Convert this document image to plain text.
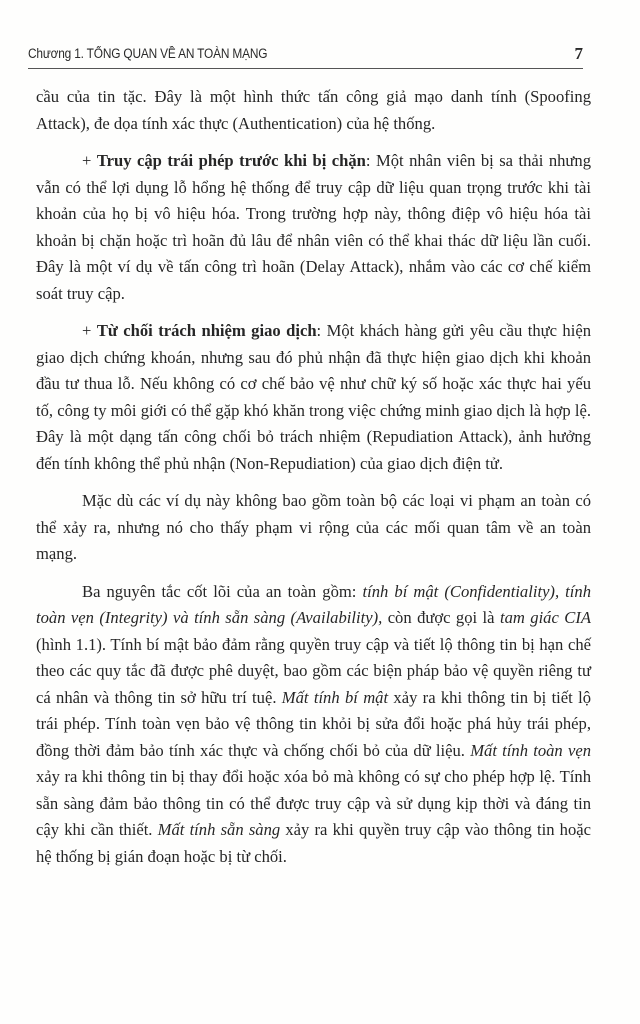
Chương 1. TỔNG QUAN VỀ AN TOÀN MẠNG	7

cầu của tin tặc. Đây là một hình thức tấn công giả mạo danh tính (Spoofing Attack), đe dọa tính xác thực (Authentication) của hệ thống.

+ Truy cập trái phép trước khi bị chặn: Một nhân viên bị sa thải nhưng vẫn có thể lợi dụng lỗ hổng hệ thống để truy cập dữ liệu quan trọng trước khi tài khoản của họ bị vô hiệu hóa. Trong trường hợp này, thông điệp vô hiệu hóa tài khoản bị chặn hoặc trì hoãn đủ lâu để nhân viên có thể khai thác dữ liệu lần cuối. Đây là một ví dụ về tấn công trì hoãn (Delay Attack), nhắm vào các cơ chế kiểm soát truy cập.

+ Từ chối trách nhiệm giao dịch: Một khách hàng gửi yêu cầu thực hiện giao dịch chứng khoán, nhưng sau đó phủ nhận đã thực hiện giao dịch khi khoản đầu tư thua lỗ. Nếu không có cơ chế bảo vệ như chữ ký số hoặc xác thực hai yếu tố, công ty môi giới có thể gặp khó khăn trong việc chứng minh giao dịch là hợp lệ. Đây là một dạng tấn công chối bỏ trách nhiệm (Repudiation Attack), ảnh hưởng đến tính không thể phủ nhận (Non-Repudiation) của giao dịch điện tử.

Mặc dù các ví dụ này không bao gồm toàn bộ các loại vi phạm an toàn có thể xảy ra, nhưng nó cho thấy phạm vi rộng của các mối quan tâm về an toàn mạng.

Ba nguyên tắc cốt lõi của an toàn gồm: tính bí mật (Confidentiality), tính toàn vẹn (Integrity) và tính sẵn sàng (Availability), còn được gọi là tam giác CIA (hình 1.1). Tính bí mật bảo đảm rằng quyền truy cập và tiết lộ thông tin bị hạn chế theo các quy tắc đã được phê duyệt, bao gồm các biện pháp bảo vệ quyền riêng tư cá nhân và thông tin sở hữu trí tuệ. Mất tính bí mật xảy ra khi thông tin bị tiết lộ trái phép. Tính toàn vẹn bảo vệ thông tin khỏi bị sửa đổi hoặc phá hủy trái phép, đồng thời đảm bảo tính xác thực và chống chối bỏ của dữ liệu. Mất tính toàn vẹn xảy ra khi thông tin bị thay đổi hoặc xóa bỏ mà không có sự cho phép hợp lệ. Tính sẵn sàng đảm bảo thông tin có thể được truy cập và sử dụng kịp thời và đáng tin cậy khi cần thiết. Mất tính sẵn sàng xảy ra khi quyền truy cập vào thông tin hoặc hệ thống bị gián đoạn hoặc bị từ chối.
